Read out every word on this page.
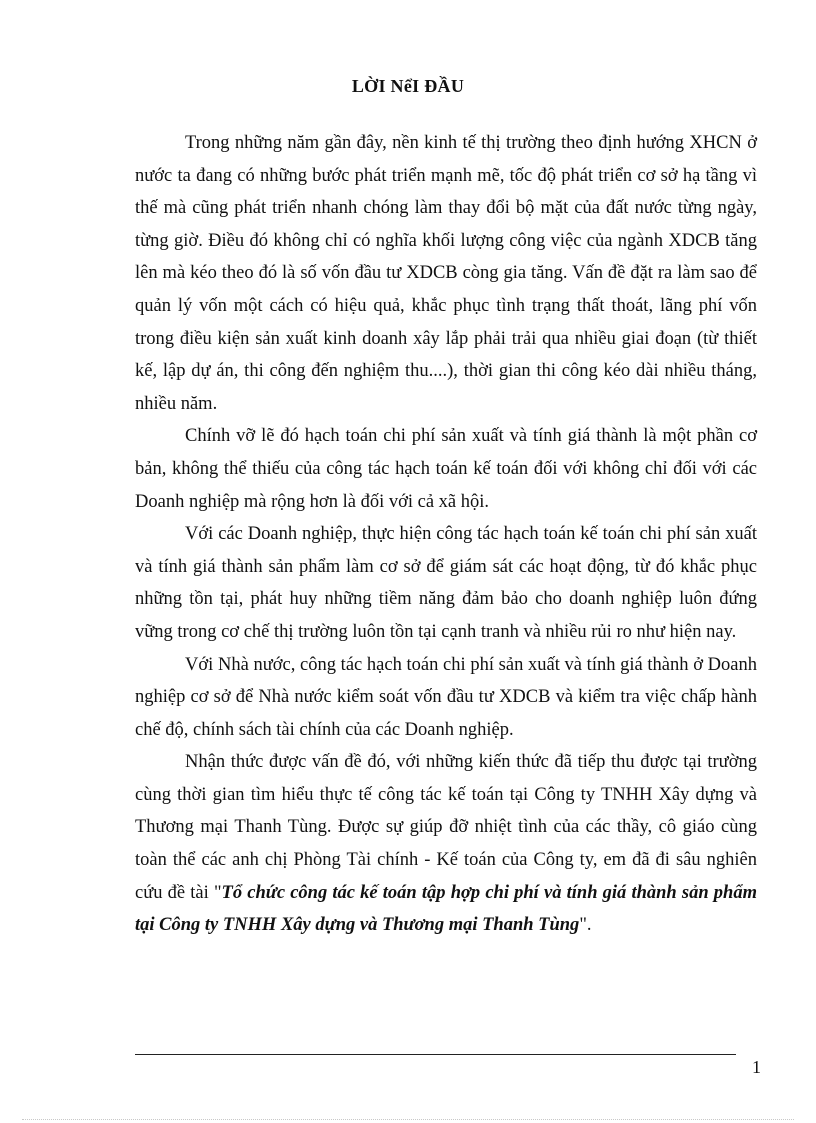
LỜI NểI ĐẦU

Trong những năm gần đây, nền kinh tế thị trường theo định hướng XHCN ở nước ta đang có những bước phát triển mạnh mẽ, tốc độ phát triển cơ sở hạ tầng vì thế mà cũng phát triển nhanh chóng làm thay đổi bộ mặt của đất nước từng ngày, từng giờ. Điều đó không chỉ có nghĩa khối lượng công việc của ngành XDCB tăng lên mà kéo theo đó là số vốn đầu tư XDCB còng gia tăng. Vấn đề đặt ra làm sao để quản lý vốn một cách có hiệu quả, khắc phục tình trạng thất thoát, lãng phí vốn trong điều kiện sản xuất kinh doanh xây lắp phải trải qua nhiều giai đoạn (từ thiết kế, lập dự án, thi công đến nghiệm thu....), thời gian thi công kéo dài nhiều tháng, nhiều năm.

Chính vỡ lẽ đó hạch toán chi phí sản xuất và tính giá thành là một phần cơ bản, không thể thiếu của công tác hạch toán kế toán đối với không chỉ đối với các Doanh nghiệp mà rộng hơn là đối với cả xã hội.

Với các Doanh nghiệp, thực hiện công tác hạch toán kế toán chi phí sản xuất và tính giá thành sản phẩm làm cơ sở để giám sát các hoạt động, từ đó khắc phục những tồn tại, phát huy những tiềm năng đảm bảo cho doanh nghiệp luôn đứng vững trong cơ chế thị trường luôn tồn tại cạnh tranh và nhiều rủi ro như hiện nay.

Với Nhà nước, công tác hạch toán chi phí sản xuất và tính giá thành ở Doanh nghiệp cơ sở để Nhà nước kiểm soát vốn đầu tư XDCB và kiểm tra việc chấp hành chế độ, chính sách tài chính của các Doanh nghiệp.

Nhận thức được vấn đề đó, với những kiến thức đã tiếp thu được tại trường cùng thời gian tìm hiểu thực tế công tác kế toán tại Công ty TNHH Xây dựng và Thương mại Thanh Tùng. Được sự giúp đỡ nhiệt tình của các thầy, cô giáo cùng toàn thể các anh chị Phòng Tài chính - Kế toán của Công ty, em đã đi sâu nghiên cứu đề tài "Tổ chức công tác kế toán tập hợp chi phí và tính giá thành sản phẩm tại Công ty TNHH Xây dựng và Thương mại Thanh Tùng".

1
